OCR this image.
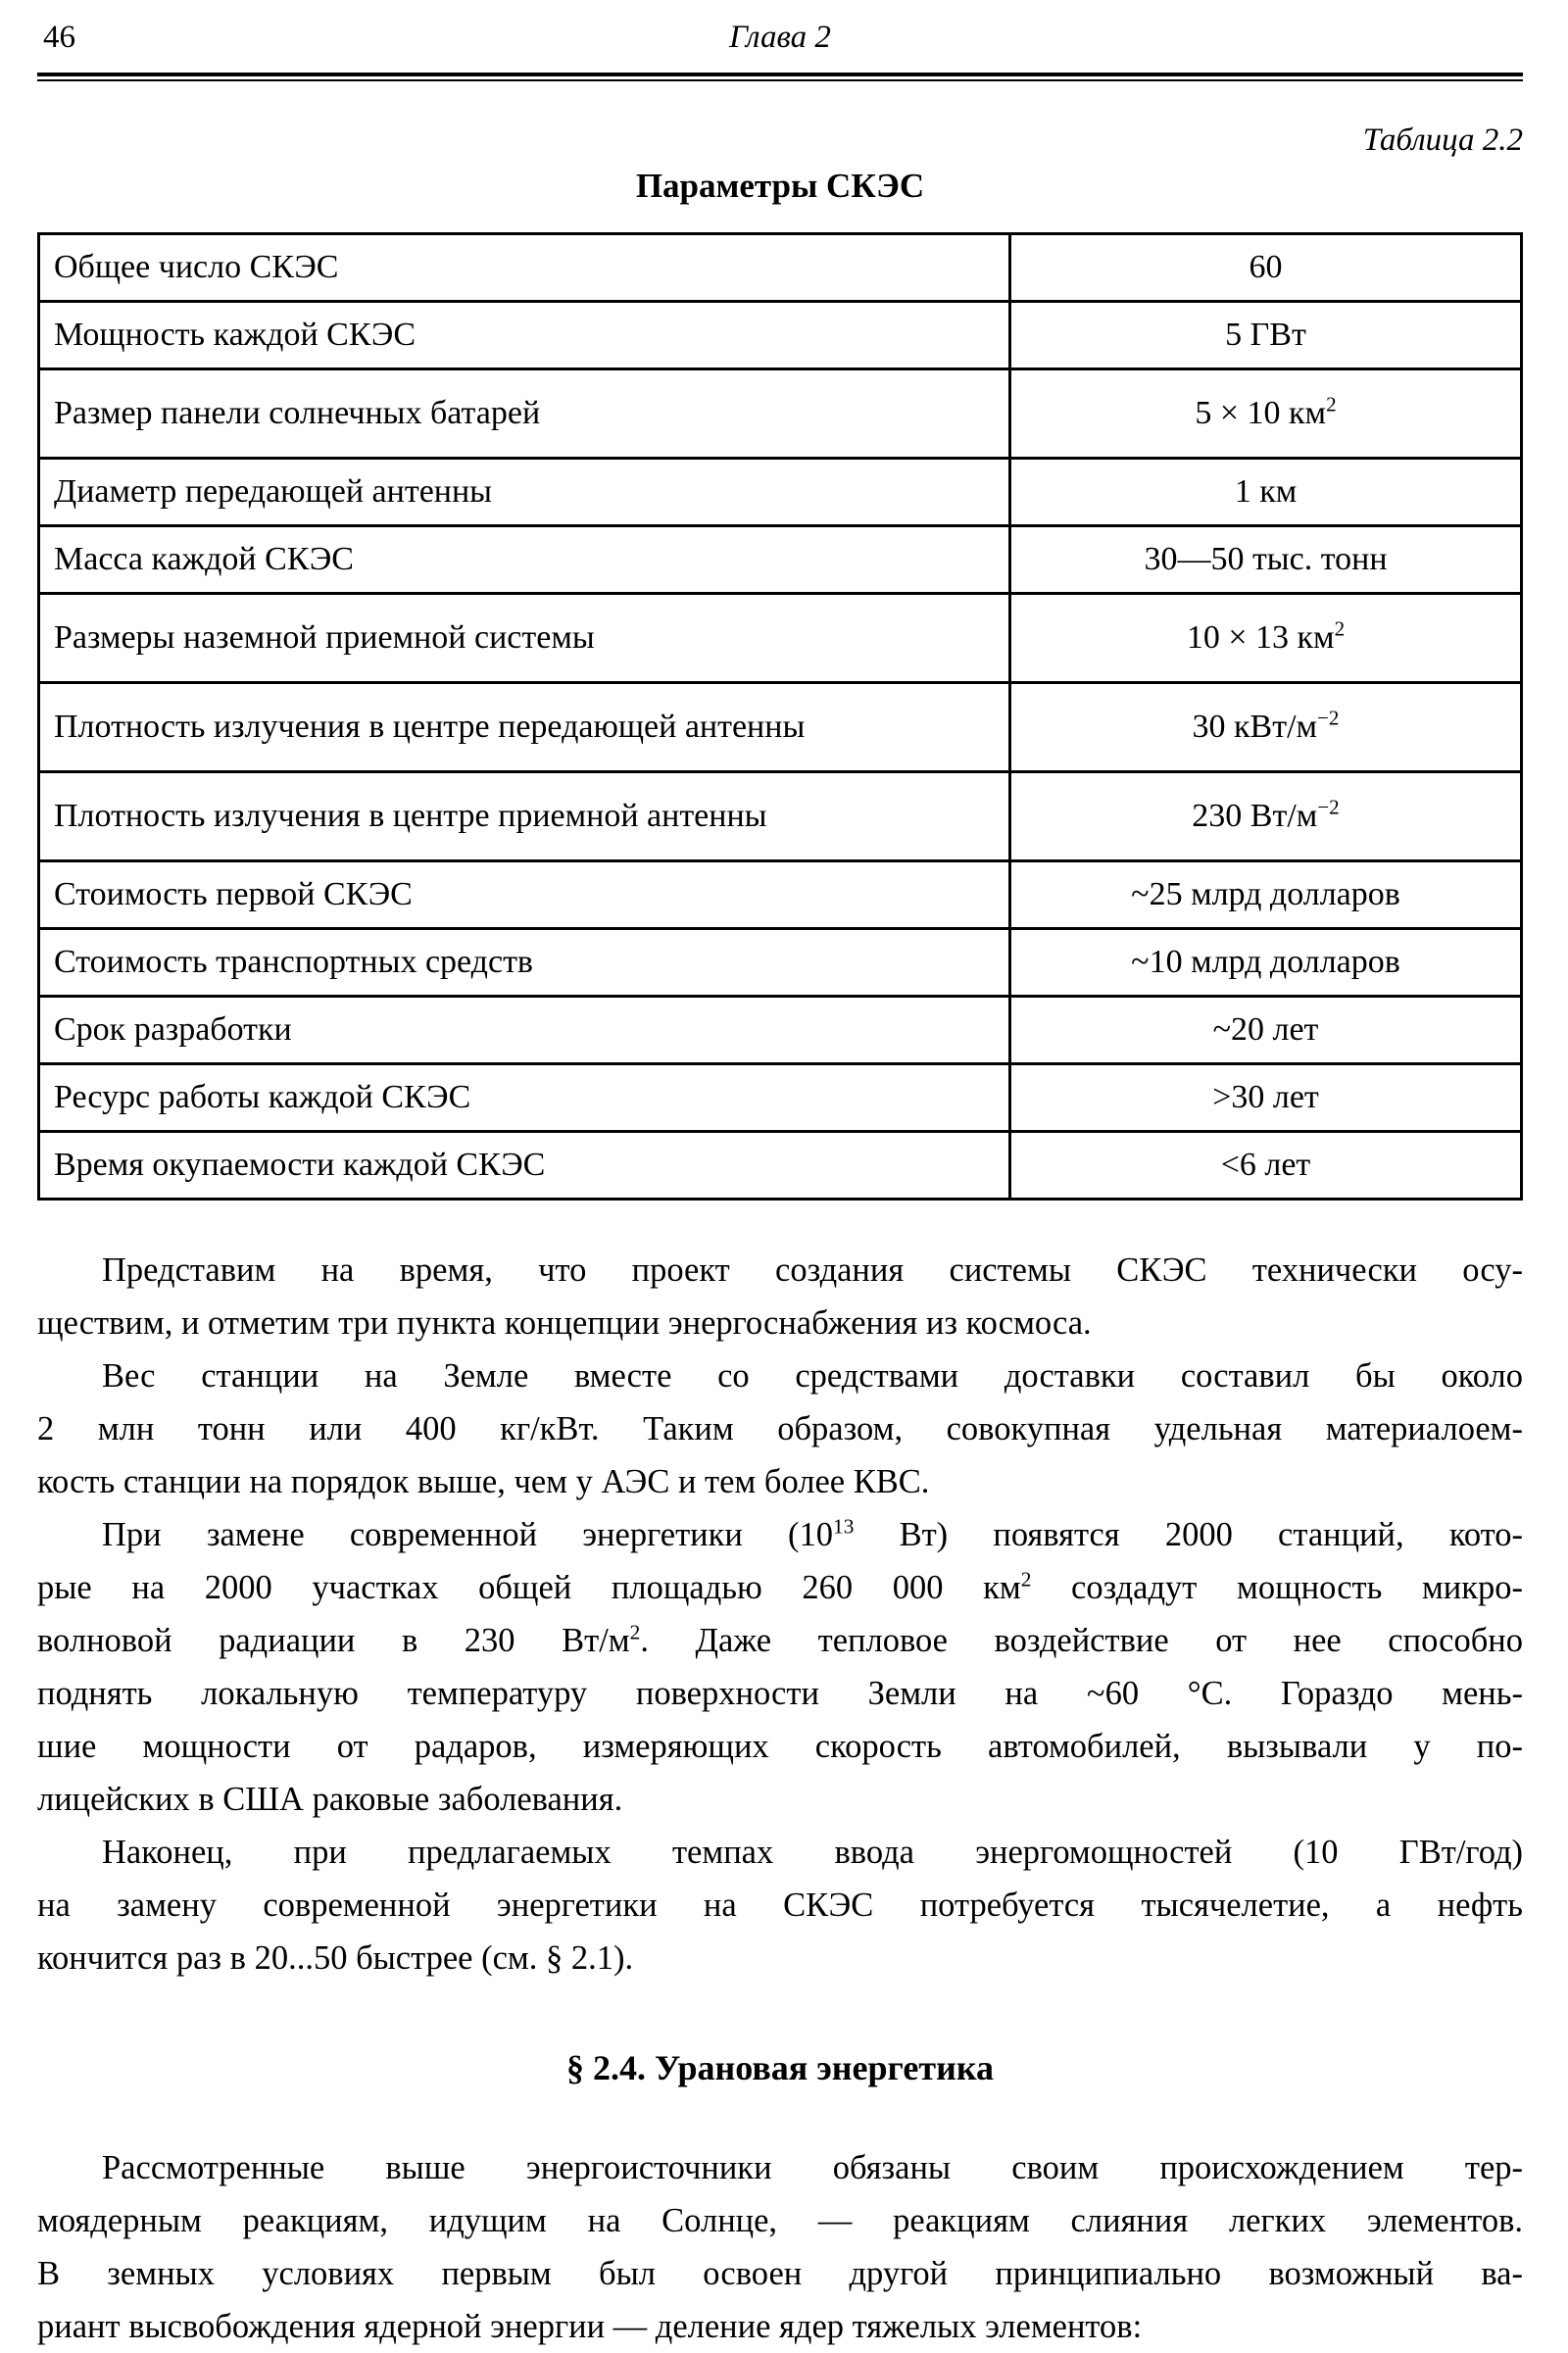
46	Глава 2
Таблица 2.2
Параметры СКЭС
Общее число СКЭС	60
Мощность каждой СКЭС	5 ГВт
Размер панели солнечных батарей	5 × 10 $км^2$
Диаметр передающей антенны	1 км
Масса каждой СКЭС	30—50 тыс. тонн
Размеры наземной приемной системы	10 × 13 $км^2$
Плотность излучения в центре передающей антенны	30 кВт/$м^{-2}$
Плотность излучения в центре приемной антенны	230 $Вт/м^{-2}$
Стоимость первой СКЭС	~25 млрд долларов
Стоимость транспортных средств	~10 млрд долларов
Срок разработки	~20 лет
Ресурс работы каждой СКЭС	>30 лет
Время окупаемости каждой СКЭС	<6 лет
Представим на время, что проект создания системы СКЭС технически осу-
ществим, и отметим три пункта концепции энергоснабжения из космоса.
Вес станции на Земле вместе со средствами доставки составил бы около
2 млн тонн или 400 кг/кВт. Таким образом, совокупная удельная материалоем-
кость станции на порядок выше, чем у АЭС и тем более КВС.
При замене современной энергетики ($10^{13}$ Вт) появятся 2000 станций, кото-
рые на 2000 участках общей площадью 260 000 $км^2$ создадут мощность микро-
волновой радиации в 230 $Вт/м^2$. Даже тепловое воздействие от нее способно
поднять локальную температуру поверхности Земли на ~60 °С. Гораздо мень-
шие мощности от радаров, измеряющих скорость автомобилей, вызывали у по-
лицейских в США раковые заболевания.
Наконец, при предлагаемых темпах ввода энергомощностей (10 ГВт/год)
на замену современной энергетики на СКЭС потребуется тысячелетие, а нефть
кончится раз в 20...50 быстрее (см. § 2.1).
§ 2.4. Урановая энергетика
Рассмотренные выше энергоисточники обязаны своим происхождением тер-
моядерным реакциям, идущим на Солнце, — реакциям слияния легких элементов.
В земных условиях первым был освоен другой принципиально возможный ва-
риант высвобождения ядерной энергии — деление ядер тяжелых элементов:
